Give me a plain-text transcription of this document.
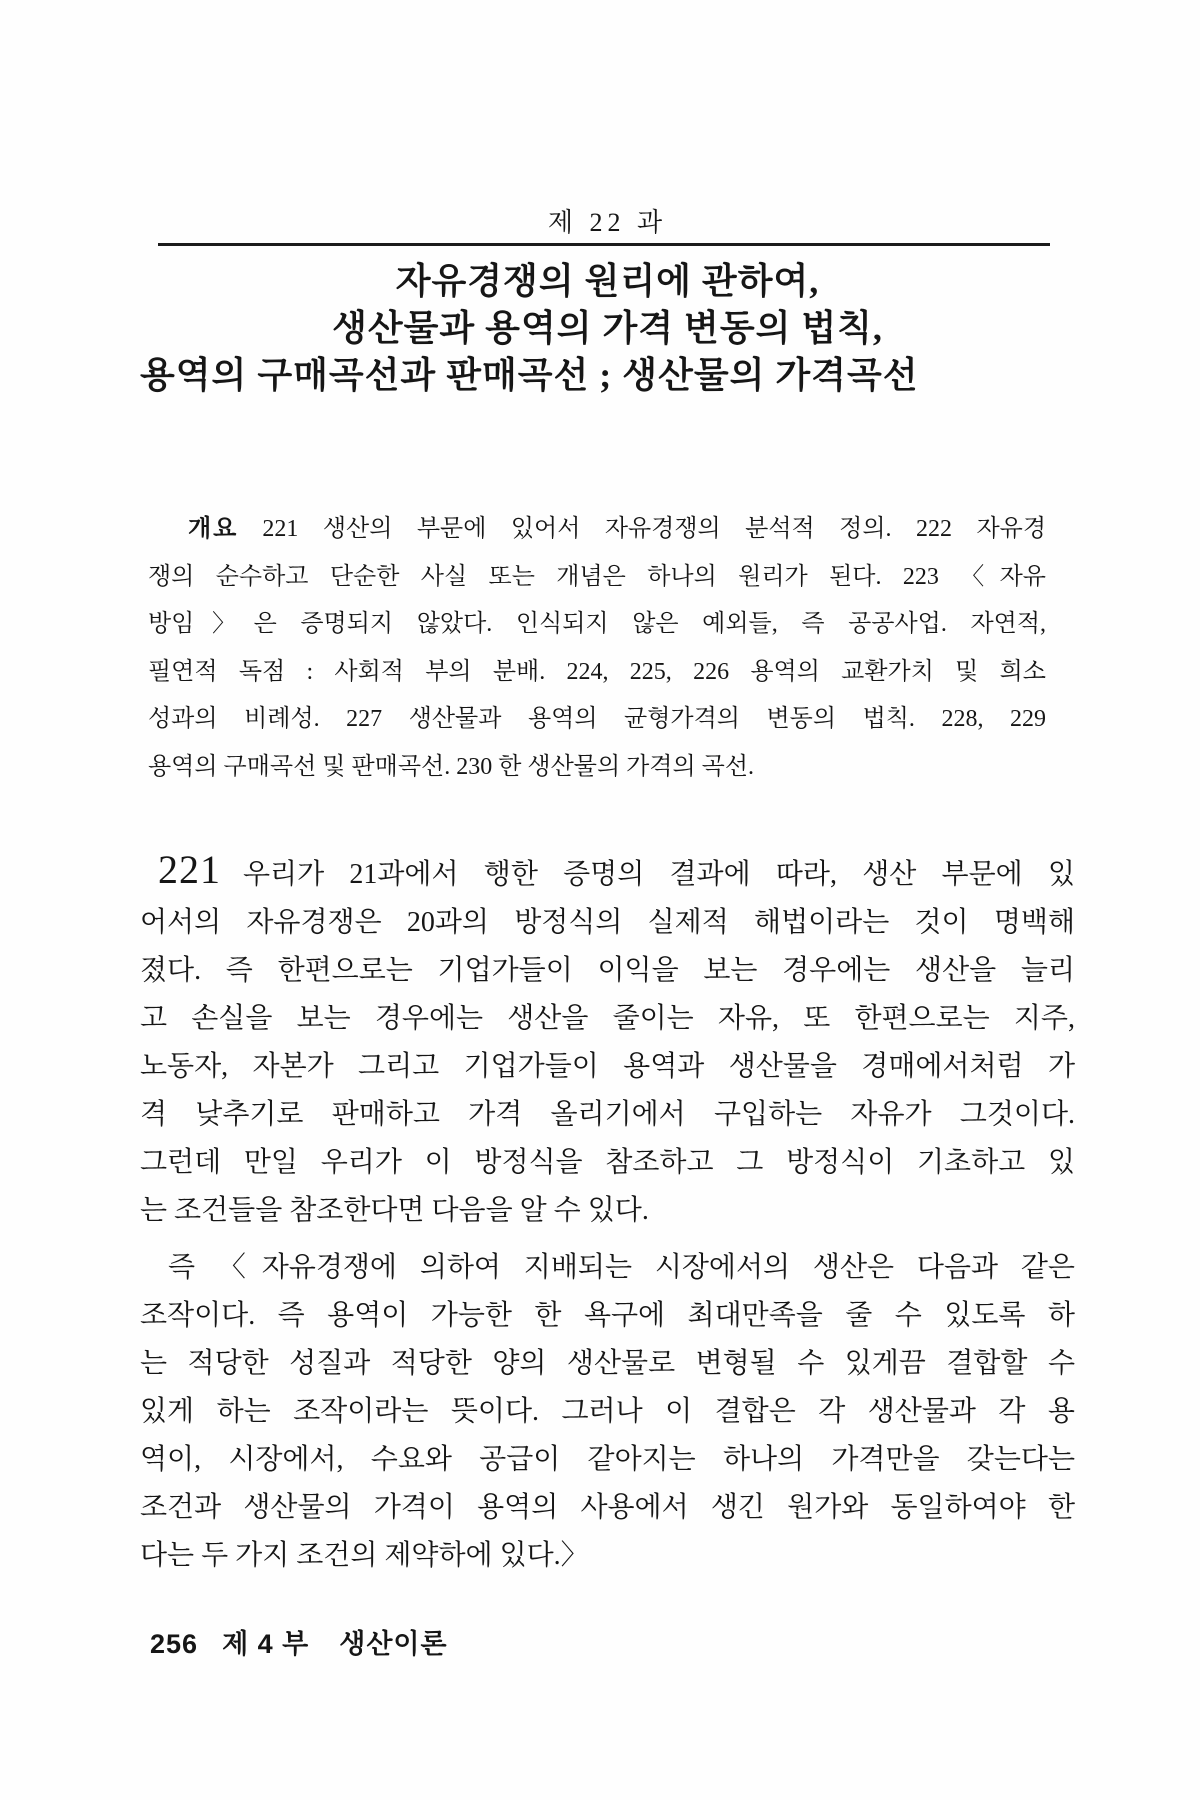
제 22 과
자유경쟁의 원리에 관하여,
생산물과 용역의 가격 변동의 법칙,
용역의 구매곡선과 판매곡선 ; 생산물의 가격곡선
개요 221 생산의 부문에 있어서 자유경쟁의 분석적 정의. 222 자유경
쟁의 순수하고 단순한 사실 또는 개념은 하나의 원리가 된다. 223 〈자유
방임〉은 증명되지 않았다. 인식되지 않은 예외들, 즉 공공사업. 자연적,
필연적 독점 : 사회적 부의 분배. 224, 225, 226 용역의 교환가치 및 희소
성과의 비례성. 227 생산물과 용역의 균형가격의 변동의 법칙. 228, 229
용역의 구매곡선 및 판매곡선. 230 한 생산물의 가격의 곡선.
221 우리가 21과에서 행한 증명의 결과에 따라, 생산 부문에 있
어서의 자유경쟁은 20과의 방정식의 실제적 해법이라는 것이 명백해
졌다. 즉 한편으로는 기업가들이 이익을 보는 경우에는 생산을 늘리
고 손실을 보는 경우에는 생산을 줄이는 자유, 또 한편으로는 지주,
노동자, 자본가 그리고 기업가들이 용역과 생산물을 경매에서처럼 가
격 낮추기로 판매하고 가격 올리기에서 구입하는 자유가 그것이다.
그런데 만일 우리가 이 방정식을 참조하고 그 방정식이 기초하고 있
는 조건들을 참조한다면 다음을 알 수 있다.
즉 〈자유경쟁에 의하여 지배되는 시장에서의 생산은 다음과 같은
조작이다. 즉 용역이 가능한 한 욕구에 최대만족을 줄 수 있도록 하
는 적당한 성질과 적당한 양의 생산물로 변형될 수 있게끔 결합할 수
있게 하는 조작이라는 뜻이다. 그러나 이 결합은 각 생산물과 각 용
역이, 시장에서, 수요와 공급이 같아지는 하나의 가격만을 갖는다는
조건과 생산물의 가격이 용역의 사용에서 생긴 원가와 동일하여야 한
다는 두 가지 조건의 제약하에 있다.〉
256 제 4 부 생산이론
